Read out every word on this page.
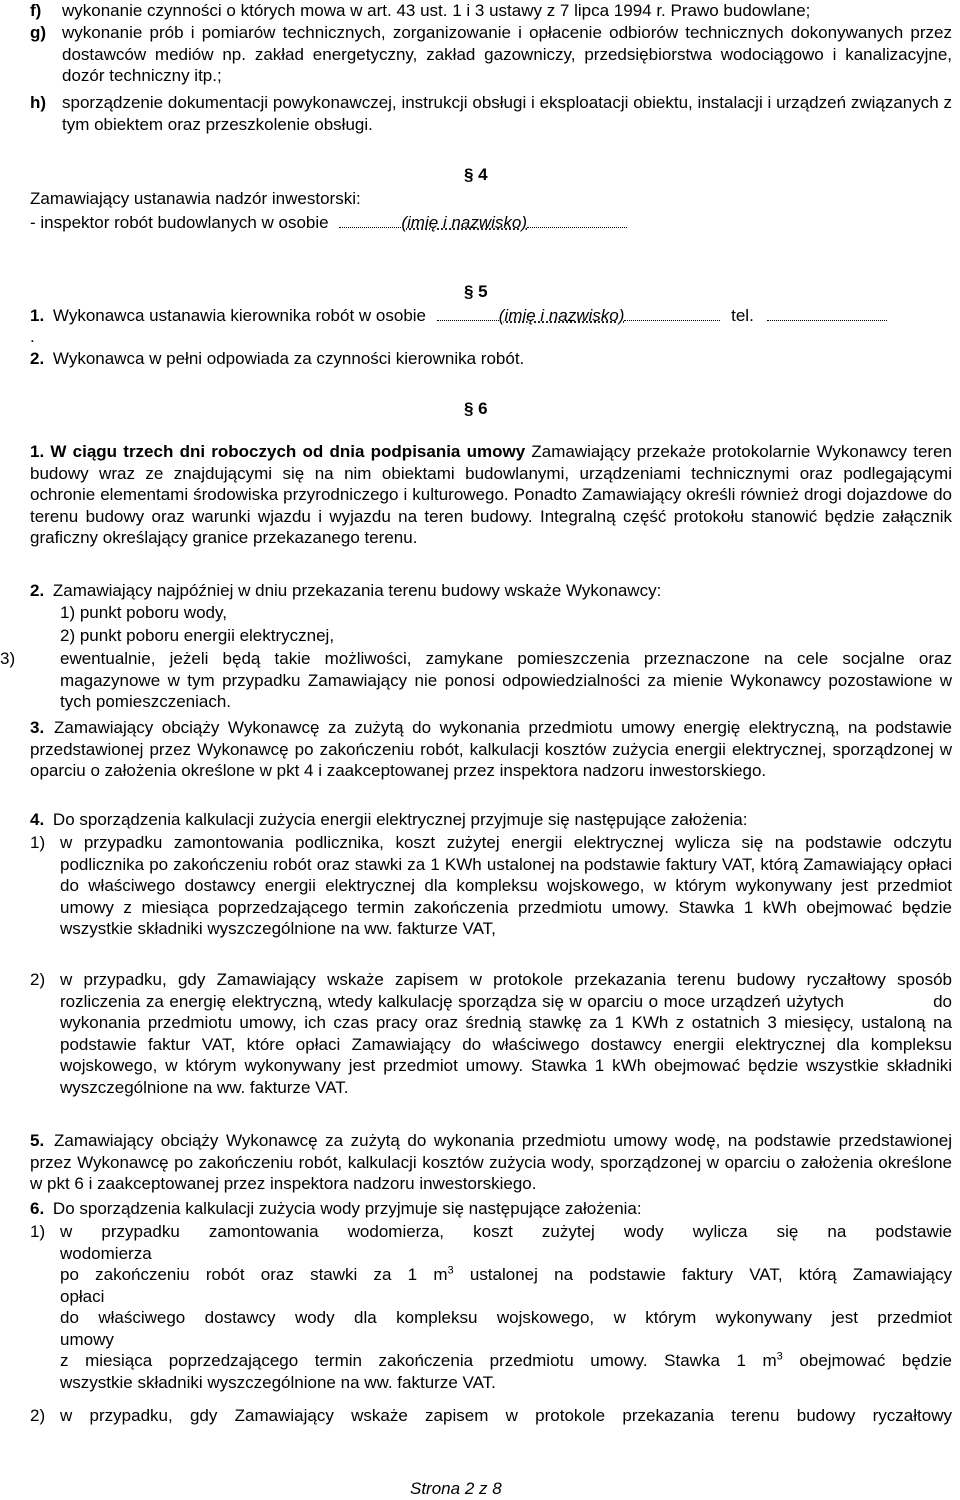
f) wykonanie czynności o których mowa w art. 43 ust. 1 i 3 ustawy z 7 lipca 1994 r. Prawo budowlane;
g) wykonanie prób i pomiarów technicznych, zorganizowanie i opłacenie odbiorów technicznych dokonywanych przez dostawców mediów np. zakład energetyczny, zakład gazowniczy, przedsiębiorstwa wodociągowo i kanalizacyjne, dozór techniczny itp.;
h) sporządzenie dokumentacji powykonawczej, instrukcji obsługi i eksploatacji obiektu, instalacji i urządzeń związanych z tym obiektem oraz przeszkolenie obsługi.
§ 4
Zamawiający ustanawia nadzór inwestorski:
- inspektor robót budowlanych w osobie	(imię i nazwisko)
§ 5
1. Wykonawca ustanawia kierownika robót w osobie	(imię i nazwisko)	tel.
.
2. Wykonawca w pełni odpowiada za czynności kierownika robót.
§ 6
1. W ciągu trzech dni roboczych od dnia podpisania umowy Zamawiający przekaże protokolarnie Wykonawcy teren budowy wraz ze znajdującymi się na nim obiektami budowlanymi, urządzeniami technicznymi oraz podlegającymi ochronie elementami środowiska przyrodniczego i kulturowego. Ponadto Zamawiający określi również drogi dojazdowe do terenu budowy oraz warunki wjazdu i wyjazdu na teren budowy. Integralną część protokołu stanowić będzie załącznik graficzny określający granice przekazanego terenu.
2. Zamawiający najpóźniej w dniu przekazania terenu budowy wskaże Wykonawcy:
1) punkt poboru wody,
2) punkt poboru energii elektrycznej,
3)	ewentualnie, jeżeli będą takie możliwości, zamykane pomieszczenia przeznaczone na cele socjalne oraz magazynowe w tym przypadku Zamawiający nie ponosi odpowiedzialności za mienie Wykonawcy pozostawione w tych pomieszczeniach.
3. Zamawiający obciąży Wykonawcę za zużytą do wykonania przedmiotu umowy energię elektryczną, na podstawie przedstawionej przez Wykonawcę po zakończeniu robót, kalkulacji kosztów zużycia energii elektrycznej, sporządzonej w oparciu o założenia określone w pkt 4 i zaakceptowanej przez inspektora nadzoru inwestorskiego.
4. Do sporządzenia kalkulacji zużycia energii elektrycznej przyjmuje się następujące założenia:
1) w przypadku zamontowania podlicznika, koszt zużytej energii elektrycznej wylicza się na podstawie odczytu podlicznika po zakończeniu robót oraz stawki za 1 KWh ustalonej na podstawie faktury VAT, którą Zamawiający opłaci do właściwego dostawcy energii elektrycznej dla kompleksu wojskowego, w którym wykonywany jest przedmiot umowy z miesiąca poprzedzającego termin zakończenia przedmiotu umowy. Stawka 1 kWh obejmować będzie wszystkie składniki wyszczególnione na ww. fakturze VAT,
2) w przypadku, gdy Zamawiający wskaże zapisem w protokole przekazania terenu budowy ryczałtowy sposób rozliczenia za energię elektryczną, wtedy kalkulację sporządza się w oparciu o moce urządzeń użytych                do wykonania przedmiotu umowy, ich czas pracy oraz średnią stawkę za 1 KWh z ostatnich 3 miesięcy, ustaloną na podstawie faktur VAT, które opłaci Zamawiający do właściwego dostawcy energii elektrycznej dla kompleksu wojskowego, w którym wykonywany jest przedmiot umowy. Stawka 1 kWh obejmować będzie wszystkie składniki wyszczególnione na ww. fakturze VAT.
5. Zamawiający obciąży Wykonawcę za zużytą do wykonania przedmiotu umowy wodę, na podstawie przedstawionej przez Wykonawcę po zakończeniu robót, kalkulacji kosztów zużycia wody, sporządzonej w oparciu o założenia określone w pkt 6 i zaakceptowanej przez inspektora nadzoru inwestorskiego.
6. Do sporządzenia kalkulacji zużycia wody przyjmuje się następujące założenia:
1) w przypadku zamontowania wodomierza, koszt zużytej wody wylicza się na podstawie
wodomierza
po zakończeniu robót oraz stawki za 1 $m^3$ ustalonej na podstawie faktury VAT, którą Zamawiający
opłaci
do właściwego dostawcy wody dla kompleksu wojskowego, w którym wykonywany jest przedmiot
umowy
z miesiąca poprzedzającego termin zakończenia przedmiotu umowy. Stawka 1 $m^3$ obejmować będzie
wszystkie składniki wyszczególnione na ww. fakturze VAT.
2) w przypadku, gdy Zamawiający wskaże zapisem w protokole przekazania terenu budowy ryczałtowy
Strona 2 z 8
